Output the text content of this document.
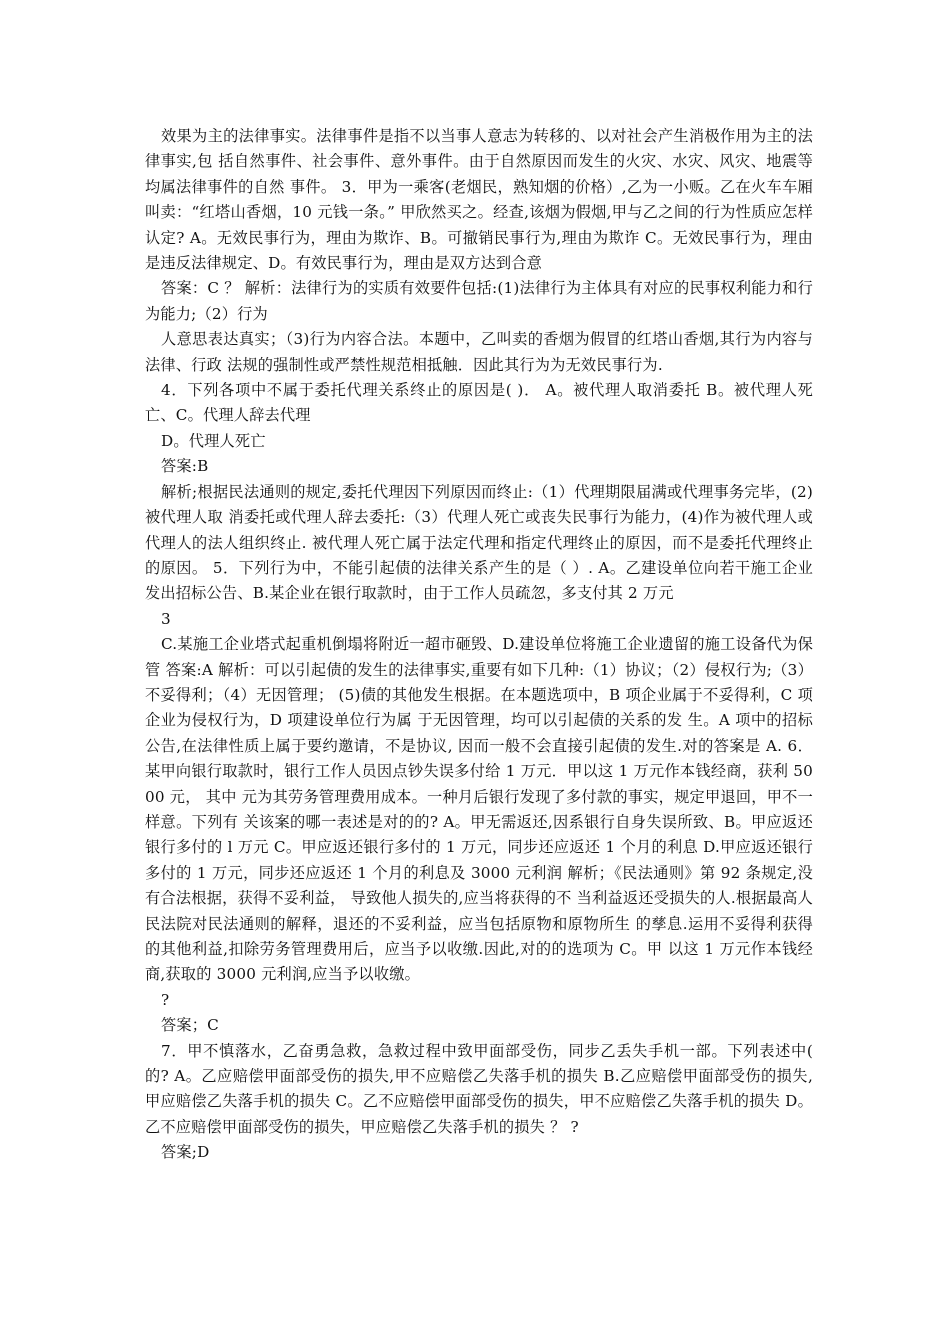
效果为主的法律事实。法律事件是指不以当事人意志为转移的、以对社会产生消极作用为主的法律事实,包 括自然事件、社会事件、意外事件。由于自然原因而发生的火灾、水灾、风灾、地震等均属法律事件的自然 事件。 3．甲为一乘客(老烟民，熟知烟的价格）,乙为一小贩。乙在火车车厢叫卖：“红塔山香烟，10 元钱一条。” 甲欣然买之。经查,该烟为假烟,甲与乙之间的行为性质应怎样认定? A。无效民事行为，理由为欺诈、B。可撤销民事行为,理由为欺诈 C。无效民事行为，理由是违反法律规定、D。有效民事行为，理由是双方达到合意

答案：C ？ 解析：法律行为的实质有效要件包括:(1)法律行为主体具有对应的民事权利能力和行为能力;（2）行为

人意思表达真实；（3)行为内容合法。本题中，乙叫卖的香烟为假冒的红塔山香烟,其行为内容与法律、行政 法规的强制性或严禁性规范相抵触．因此其行为为无效民事行为.

4．下列各项中不属于委托代理关系终止的原因是( )． A。被代理人取消委托 B。被代理人死亡、C。代理人辞去代理

D。代理人死亡

答案:B

解析;根据民法通则的规定,委托代理因下列原因而终止:（1）代理期限届满或代理事务完毕，(2)被代理人取 消委托或代理人辞去委托:（3）代理人死亡或丧失民事行为能力，(4)作为被代理人或代理人的法人组织终止. 被代理人死亡属于法定代理和指定代理终止的原因，而不是委托代理终止的原因。 5．下列行为中，不能引起债的法律关系产生的是（ ）. A。乙建设单位向若干施工企业发出招标公告、B.某企业在银行取款时，由于工作人员疏忽，多支付其 2 万元

3

C.某施工企业塔式起重机倒塌将附近一超市砸毁、D.建设单位将施工企业遗留的施工设备代为保管 答案:A 解析：可以引起债的发生的法律事实,重要有如下几种:（1）协议；（2）侵权行为;（3）不妥得利；（4）无因管理； (5)债的其他发生根据。在本题选项中，B 项企业属于不妥得利，C 项企业为侵权行为，D 项建设单位行为属 于无因管理，均可以引起债的关系的发 生。A 项中的招标公告,在法律性质上属于要约邀请，不是协议, 因而一般不会直接引起债的发生.对的答案是 A. 6．某甲向银行取款时，银行工作人员因点钞失误多付给 1 万元．甲以这 1 万元作本钱经商，获利 5000 元， 其中 元为其劳务管理费用成本。一种月后银行发现了多付款的事实，规定甲退回，甲不一样意。下列有 关该案的哪一表述是对的的? A。甲无需返还,因系银行自身失误所致、B。甲应返还银行多付的 l 万元 C。甲应返还银行多付的 1 万元，同步还应返还 1 个月的利息 D.甲应返还银行多付的 1 万元，同步还应返还 1 个月的利息及 3000 元利润 解析；《民法通则》第 92 条规定,没有合法根据，获得不妥利益， 导致他人损失的,应当将获得的不 当利益返还受损失的人.根据最高人民法院对民法通则的解释，退还的不妥利益，应当包括原物和原物所生 的孳息.运用不妥得利获得的其他利益,扣除劳务管理费用后，应当予以收缴.因此,对的的选项为 C。甲 以这 1 万元作本钱经商,获取的 3000 元利润,应当予以收缴。

?

答案；C

7．甲不慎落水，乙奋勇急救，急救过程中致甲面部受伤，同步乙丢失手机一部。下列表述中( 的? A。乙应赔偿甲面部受伤的损失,甲不应赔偿乙失落手机的损失 B.乙应赔偿甲面部受伤的损失,甲应赔偿乙失落手机的损失 C。乙不应赔偿甲面部受伤的损失，甲不应赔偿乙失落手机的损失 D。乙不应赔偿甲面部受伤的损失，甲应赔偿乙失落手机的损失 ？ ?

答案;D
